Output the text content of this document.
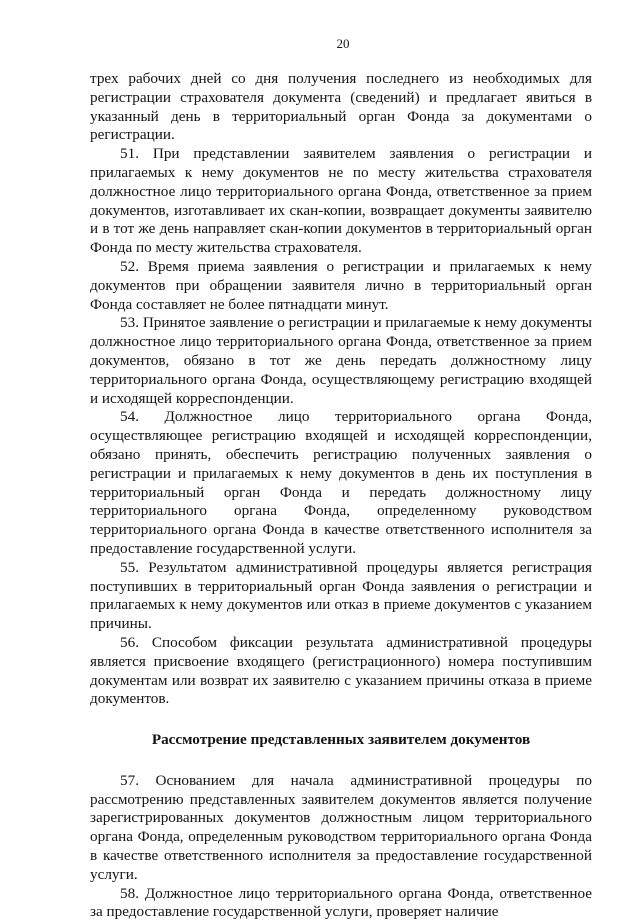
20

трех рабочих дней со дня получения последнего из необходимых для регистрации страхователя документа (сведений) и предлагает явиться в указанный день в территориальный орган Фонда за документами о регистрации.

51. При представлении заявителем заявления о регистрации и прилагаемых к нему документов не по месту жительства страхователя должностное лицо территориального органа Фонда, ответственное за прием документов, изготавливает их скан-копии, возвращает документы заявителю и в тот же день направляет скан-копии документов в территориальный орган Фонда по месту жительства страхователя.

52. Время приема заявления о регистрации и прилагаемых к нему документов при обращении заявителя лично в территориальный орган Фонда составляет не более пятнадцати минут.

53. Принятое заявление о регистрации и прилагаемые к нему документы должностное лицо территориального органа Фонда, ответственное за прием документов, обязано в тот же день передать должностному лицу территориального органа Фонда, осуществляющему регистрацию входящей и исходящей корреспонденции.

54. Должностное лицо территориального органа Фонда, осуществляющее регистрацию входящей и исходящей корреспонденции, обязано принять, обеспечить регистрацию полученных заявления о регистрации и прилагаемых к нему документов в день их поступления в территориальный орган Фонда и передать должностному лицу территориального органа Фонда, определенному руководством территориального органа Фонда в качестве ответственного исполнителя за предоставление государственной услуги.

55. Результатом административной процедуры является регистрация поступивших в территориальный орган Фонда заявления о регистрации и прилагаемых к нему документов или отказ в приеме документов с указанием причины.

56. Способом фиксации результата административной процедуры является присвоение входящего (регистрационного) номера поступившим документам или возврат их заявителю с указанием причины отказа в приеме документов.

Рассмотрение представленных заявителем документов

57. Основанием для начала административной процедуры по рассмотрению представленных заявителем документов является получение зарегистрированных документов должностным лицом территориального органа Фонда, определенным руководством территориального органа Фонда в качестве ответственного исполнителя за предоставление государственной услуги.

58. Должностное лицо территориального органа Фонда, ответственное за предоставление государственной услуги, проверяет наличие
